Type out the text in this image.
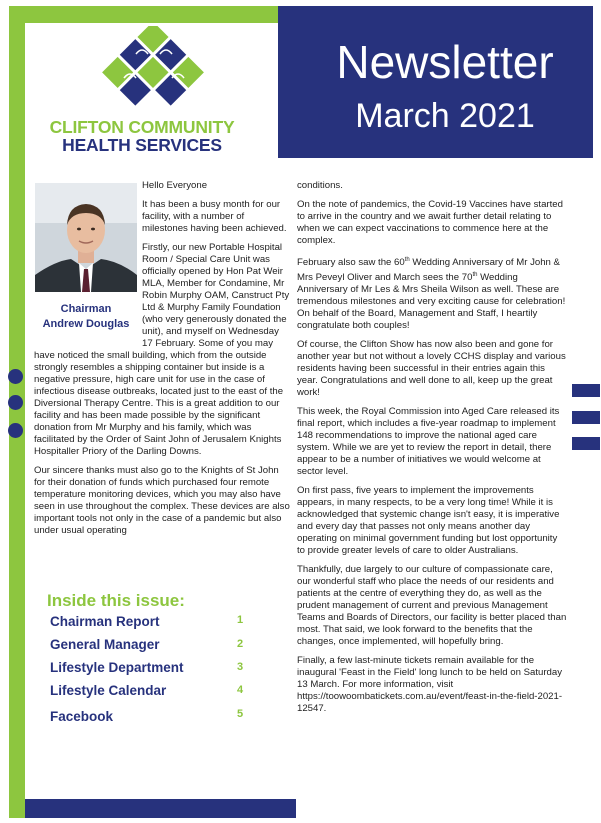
Newsletter
March 2021
CLIFTON COMMUNITY
HEALTH SERVICES
Chairman
Andrew Douglas

Hello Everyone

It has been a busy month for our facility, with a number of milestones having been achieved.

Firstly, our new Portable Hospital Room / Special Care Unit was officially opened by Hon Pat Weir MLA, Member for Condamine, Mr Robin Murphy OAM, Canstruct Pty Ltd & Murphy Family Foundation (who very generously donated the unit), and myself on Wednesday 17 February. Some of you may have noticed the small building, which from the outside strongly resembles a shipping container but inside is a negative pressure, high care unit for use in the case of infectious disease outbreaks, located just to the east of the Diversional Therapy Centre. This is a great addition to our facility and has been made possible by the significant donation from Mr Murphy and his family, which was facilitated by the Order of Saint John of Jerusalem Knights Hospitaller Priory of the Darling Downs.

Our sincere thanks must also go to the Knights of St John for their donation of funds which purchased four remote temperature monitoring devices, which you may also have seen in use throughout the complex. These devices are also important tools not only in the case of a pandemic but also under usual operating

conditions.

On the note of pandemics, the Covid-19 Vaccines have started to arrive in the country and we await further detail relating to when we can expect vaccinations to commence here at the complex.

February also saw the 60th Wedding Anniversary of Mr John & Mrs Peveyl Oliver and March sees the 70th Wedding Anniversary of Mr Les & Mrs Sheila Wilson as well. These are tremendous milestones and very exciting cause for celebration! On behalf of the Board, Management and Staff, I heartily congratulate both couples!

Of course, the Clifton Show has now also been and gone for another year but not without a lovely CCHS display and various residents having been successful in their entries again this year. Congratulations and well done to all, keep up the great work!

This week, the Royal Commission into Aged Care released its final report, which includes a five-year roadmap to implement 148 recommendations to improve the national aged care system. While we are yet to review the report in detail, there appear to be a number of initiatives we would welcome at sector level.

On first pass, five years to implement the improvements appears, in many respects, to be a very long time! While it is acknowledged that systemic change isn't easy, it is imperative and every day that passes not only means another day operating on minimal government funding but lost opportunity to provide greater levels of care to older Australians.

Thankfully, due largely to our culture of compassionate care, our wonderful staff who place the needs of our residents and patients at the centre of everything they do, as well as the prudent management of current and previous Management Teams and Boards of Directors, our facility is better placed than most. That said, we look forward to the benefits that the changes, once implemented, will hopefully bring.

Finally, a few last-minute tickets remain available for the inaugural 'Feast in the Field' long lunch to be held on Saturday 13 March. For more information, visit https://toowoombatickets.com.au/event/feast-in-the-field-2021-12547.

Inside this issue:
Chairman Report	1
General Manager	2
Lifestyle Department	3
Lifestyle Calendar	4
Facebook	5
